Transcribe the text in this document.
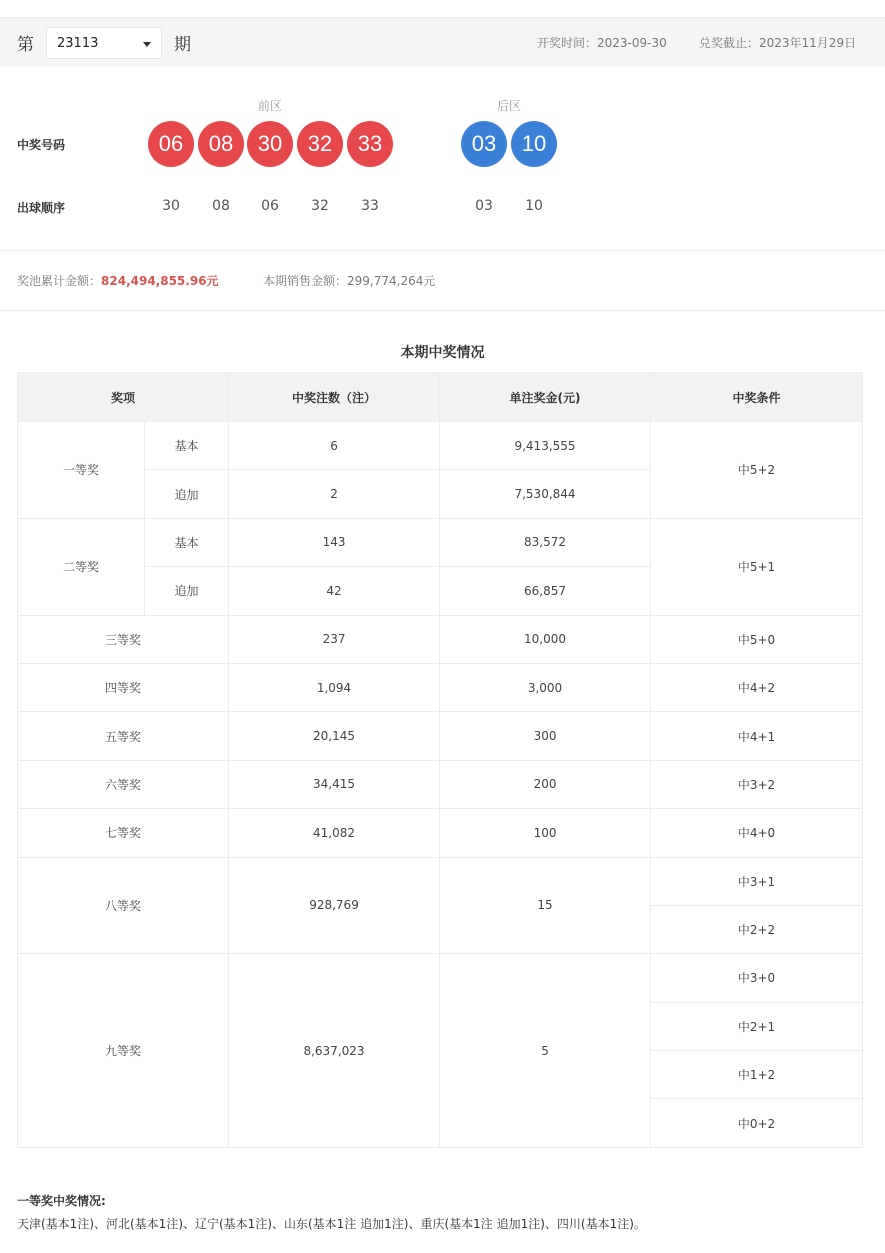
第 23113	期	开奖时间：2023-09-30	兑奖截止：2023年11月29日
前区	后区
中奖号码
出球顺序
06	08	30	32	33	03	10
30	08	06	32	33	03	10
奖池累计金额：824,494,855.96元	本期销售金额：299,774,264元
本期中奖情况
奖项		中奖注数（注）	单注奖金(元)	中奖条件
一等奖	基本	6	9,413,555	中5+2
	追加	2	7,530,844	
二等奖	基本	143	83,572	中5+1
	追加	42	66,857	
三等奖		237	10,000	中5+0
四等奖		1,094	3,000	中4+2
五等奖		20,145	300	中4+1
六等奖		34,415	200	中3+2
七等奖		41,082	100	中4+0
八等奖		928,769	15	中3+1
				中2+2
九等奖		8,637,023	5	中3+0
				中2+1
				中1+2
				中0+2
一等奖中奖情况:
天津(基本1注)、河北(基本1注)、辽宁(基本1注)、山东(基本1注 追加1注)、重庆(基本1注 追加1注)、四川(基本1注)。
